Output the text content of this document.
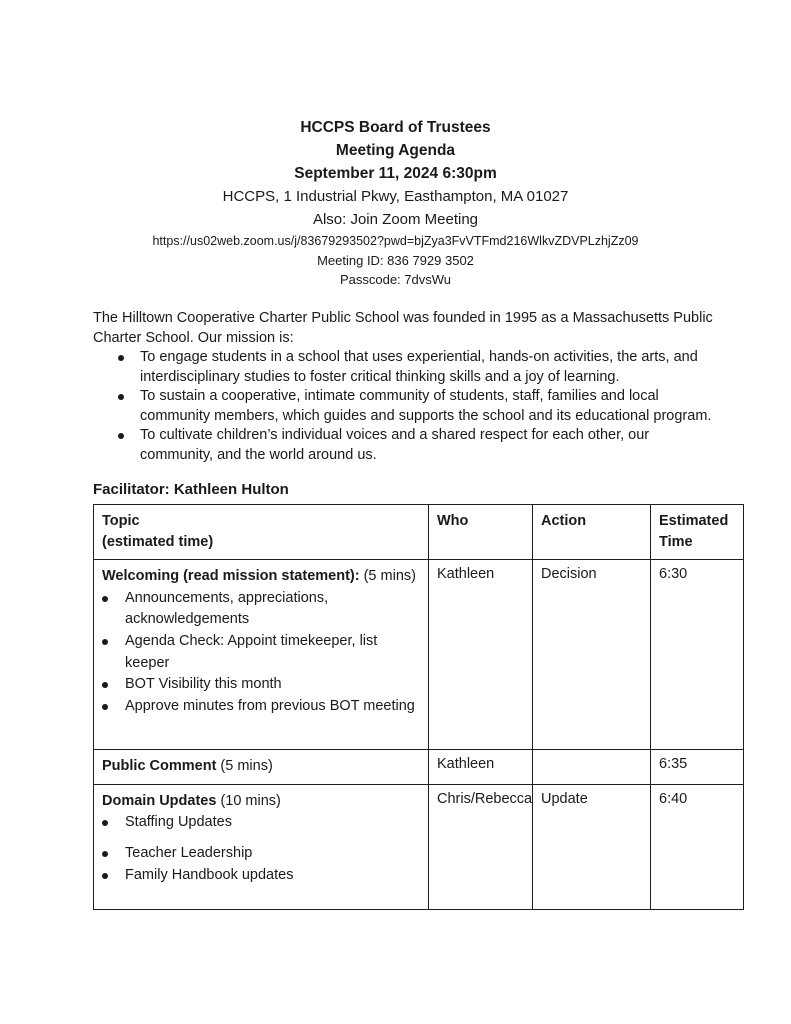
HCCPS Board of Trustees
Meeting Agenda
September 11, 2024 6:30pm
HCCPS, 1 Industrial Pkwy, Easthampton, MA 01027
Also: Join Zoom Meeting
https://us02web.zoom.us/j/83679293502?pwd=bjZya3FvVTFmd216WlkvZDVPLzhjZz09
Meeting ID: 836 7929 3502
Passcode: 7dvsWu

The Hilltown Cooperative Charter Public School was founded in 1995 as a Massachusetts Public Charter School. Our mission is:

To engage students in a school that uses experiential, hands-on activities, the arts, and interdisciplinary studies to foster critical thinking skills and a joy of learning.
To sustain a cooperative, intimate community of students, staff, families and local community members, which guides and supports the school and its educational program.
To cultivate children’s individual voices and a shared respect for each other, our community, and the world around us.

Facilitator: Kathleen Hulton

Topic
(estimated time)
	Who	Action	Estimated
Time

Welcoming (read mission statement): (5 mins)
Announcements, appreciations, acknowledgements
Agenda Check: Appoint timekeeper, list keeper
BOT Visibility this month
Approve minutes from previous BOT meeting
	Kathleen	Decision	6:30

Public Comment (5 mins)	Kathleen		6:35

Domain Updates (10 mins)
Staffing Updates
Teacher Leadership
Family Handbook updates
	Chris/Rebecca	Update	6:40
